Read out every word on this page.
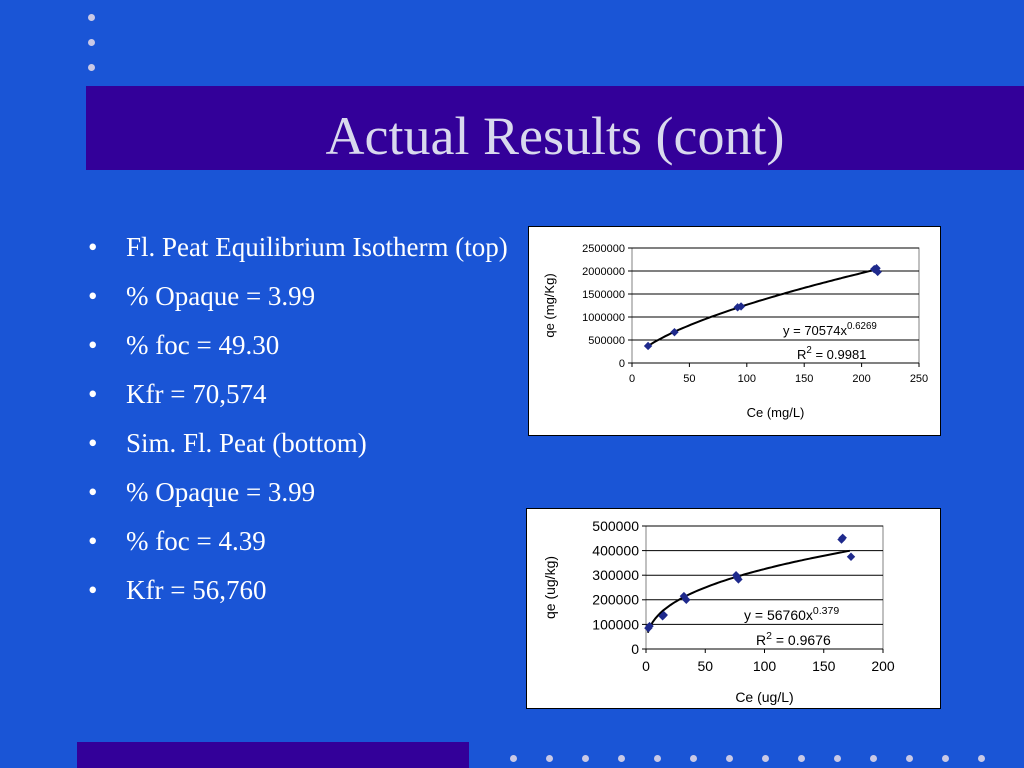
Actual Results (cont)
• Fl. Peat Equilibrium Isotherm (top)
• % Opaque = 3.99
• % foc = 49.30
• Kfr = 70,574
• Sim. Fl. Peat (bottom)
• % Opaque = 3.99
• % foc = 4.39
• Kfr = 56,760
0
500000
1000000
1500000
2000000
2500000
0	50	100	150	200	250
Ce (mg/L)
qe (mg/Kg)	$y = 70574x^{0.6269}$
$R^2 = 0.9981$
0
100000
200000
300000
400000
500000
0	50	100	150	200
Ce (ug/L)
qe (ug/kg)	$y = 56760x^{0.379}$
$R^2 = 0.9676$
